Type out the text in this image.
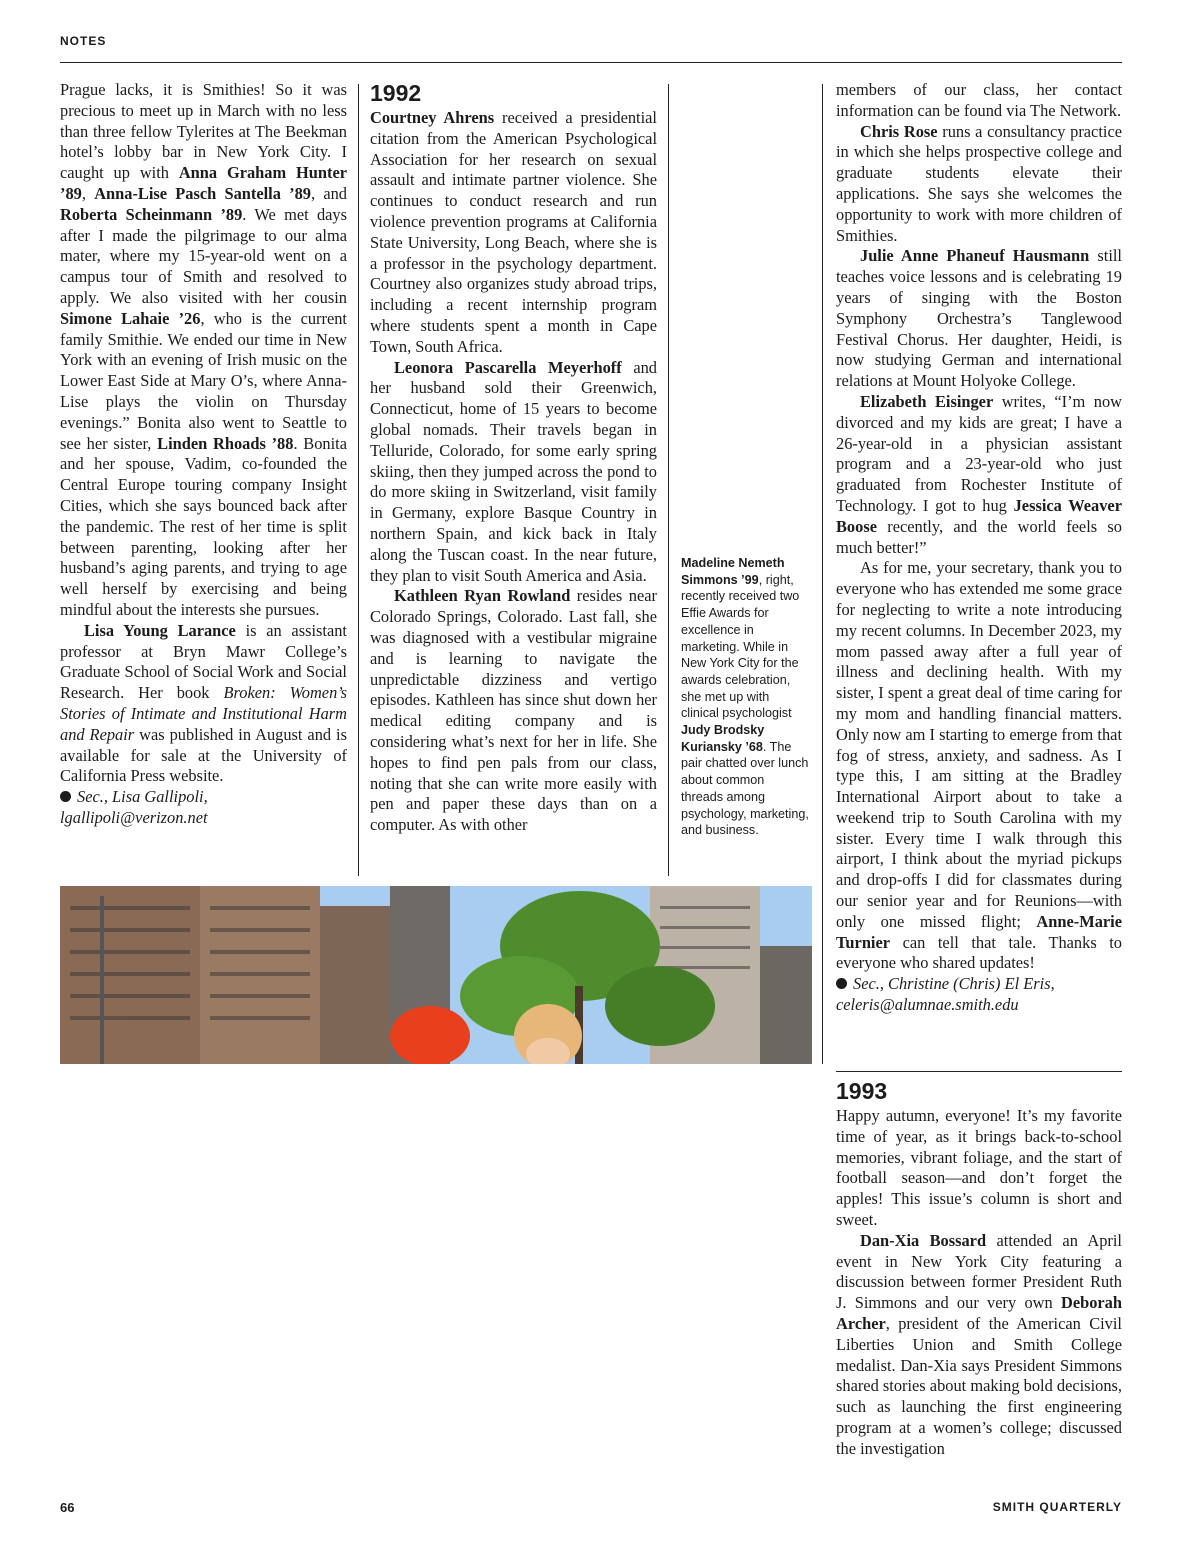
NOTES

Prague lacks, it is Smithies! So it was precious to meet up in March with no less than three fellow Tylerites at The Beekman hotel’s lobby bar in New York City. I caught up with Anna Graham Hunter ’89, Anna-Lise Pasch Santella ’89, and Roberta Scheinmann ’89. We met days after I made the pilgrimage to our alma mater, where my 15-year-old went on a campus tour of Smith and resolved to apply. We also visited with her cousin Simone Lahaie ’26, who is the current family Smithie. We ended our time in New York with an evening of Irish music on the Lower East Side at Mary O’s, where Anna-Lise plays the violin on Thursday evenings.” Bonita also went to Seattle to see her sister, Linden Rhoads ’88. Bonita and her spouse, Vadim, co-founded the Central Europe touring company Insight Cities, which she says bounced back after the pandemic. The rest of her time is split between parenting, looking after her husband’s aging parents, and trying to age well herself by exercising and being mindful about the interests she pursues.

Lisa Young Larance is an assistant professor at Bryn Mawr College’s Graduate School of Social Work and Social Research. Her book Broken: Women’s Stories of Intimate and Institutional Harm and Repair was published in August and is available for sale at the University of California Press website.

Sec., Lisa Gallipoli,

lgallipoli@verizon.net

1992

Courtney Ahrens received a presidential citation from the American Psychological Association for her research on sexual assault and intimate partner violence. She continues to conduct research and run violence prevention programs at California State University, Long Beach, where she is a professor in the psychology department. Courtney also organizes study abroad trips, including a recent internship program where students spent a month in Cape Town, South Africa.

Leonora Pascarella Meyerhoff and her husband sold their Greenwich, Connecticut, home of 15 years to become global nomads. Their travels began in Telluride, Colorado, for some early spring skiing, then they jumped across the pond to do more skiing in Switzerland, visit family in Germany, explore Basque Country in northern Spain, and kick back in Italy along the Tuscan coast. In the near future, they plan to visit South America and Asia.

Kathleen Ryan Rowland resides near Colorado Springs, Colorado. Last fall, she was diagnosed with a vestibular migraine and is learning to navigate the unpredictable dizziness and vertigo episodes. Kathleen has since shut down her medical editing company and is considering what’s next for her in life. She hopes to find pen pals from our class, noting that she can write more easily with pen and paper these days than on a computer. As with other

Madeline Nemeth Simmons ’99, right, recently received two Effie Awards for excellence in marketing. While in New York City for the awards celebration, she met up with clinical psychologist Judy Brodsky Kuriansky ’68. The pair chatted over lunch about common threads among psychology, marketing, and business.

members of our class, her contact information can be found via The Network.

Chris Rose runs a consultancy practice in which she helps prospective college and graduate students elevate their applications. She says she welcomes the opportunity to work with more children of Smithies.

Julie Anne Phaneuf Hausmann still teaches voice lessons and is celebrating 19 years of singing with the Boston Symphony Orchestra’s Tanglewood Festival Chorus. Her daughter, Heidi, is now studying German and international relations at Mount Holyoke College.

Elizabeth Eisinger writes, “I’m now divorced and my kids are great; I have a 26-year-old in a physician assistant program and a 23-year-old who just graduated from Rochester Institute of Technology. I got to hug Jessica Weaver Boose recently, and the world feels so much better!”

As for me, your secretary, thank you to everyone who has extended me some grace for neglecting to write a note introducing my recent columns. In December 2023, my mom passed away after a full year of illness and declining health. With my sister, I spent a great deal of time caring for my mom and handling financial matters. Only now am I starting to emerge from that fog of stress, anxiety, and sadness. As I type this, I am sitting at the Bradley International Airport about to take a weekend trip to South Carolina with my sister. Every time I walk through this airport, I think about the myriad pickups and drop-offs I did for classmates during our senior year and for Reunions—with only one missed flight; Anne-Marie Turnier can tell that tale. Thanks to everyone who shared updates!

Sec., Christine (Chris) El Eris,

celeris@alumnae.smith.edu

1993

Happy autumn, everyone! It’s my favorite time of year, as it brings back-to-school memories, vibrant foliage, and the start of football season—and don’t forget the apples! This issue’s column is short and sweet.

Dan-Xia Bossard attended an April event in New York City featuring a discussion between former President Ruth J. Simmons and our very own Deborah Archer, president of the American Civil Liberties Union and Smith College medalist. Dan-Xia says President Simmons shared stories about making bold decisions, such as launching the first engineering program at a women’s college; discussed the investigation

66	SMITH QUARTERLY
